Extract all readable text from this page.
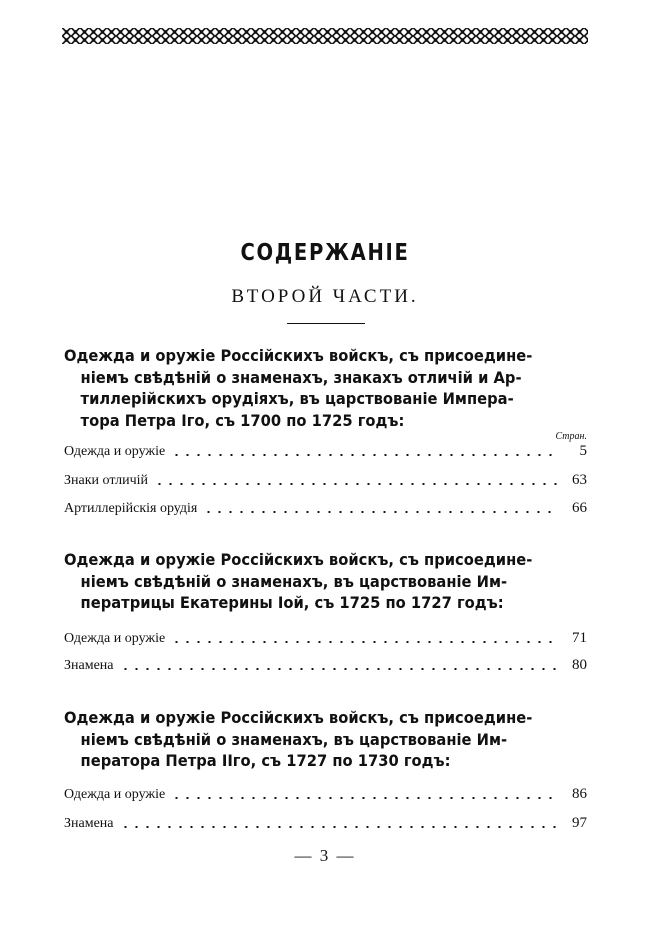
СОДЕРЖАНIЕ
ВТОРОЙ ЧАСТИ.
Одежда и оружiе Россiйскихъ войскъ, съ присоедине-
нiемъ свѣдѣнiй о знаменахъ, знакахъ отличiй и Ар-
тиллерiйскихъ орудiяхъ, въ царствованiе Импера-
тора Петра Iго, съ 1700 по 1725 годъ:
Стран.
Одежда и оружiе	5
Знаки отличiй	63
Артиллерiйскiя орудiя	66
Одежда и оружiе Россiйскихъ войскъ, съ присоедине-
нiемъ свѣдѣнiй о знаменахъ, въ царствованiе Им-
ператрицы Екатерины Iой, съ 1725 по 1727 годъ:
Одежда и оружiе	71
Знамена	80
Одежда и оружiе Россiйскихъ войскъ, съ присоедине-
нiемъ свѣдѣнiй о знаменахъ, въ царствованiе Им-
ператора Петра IIго, съ 1727 по 1730 годъ:
Одежда и оружiе	86
Знамена	97
— 3 —
